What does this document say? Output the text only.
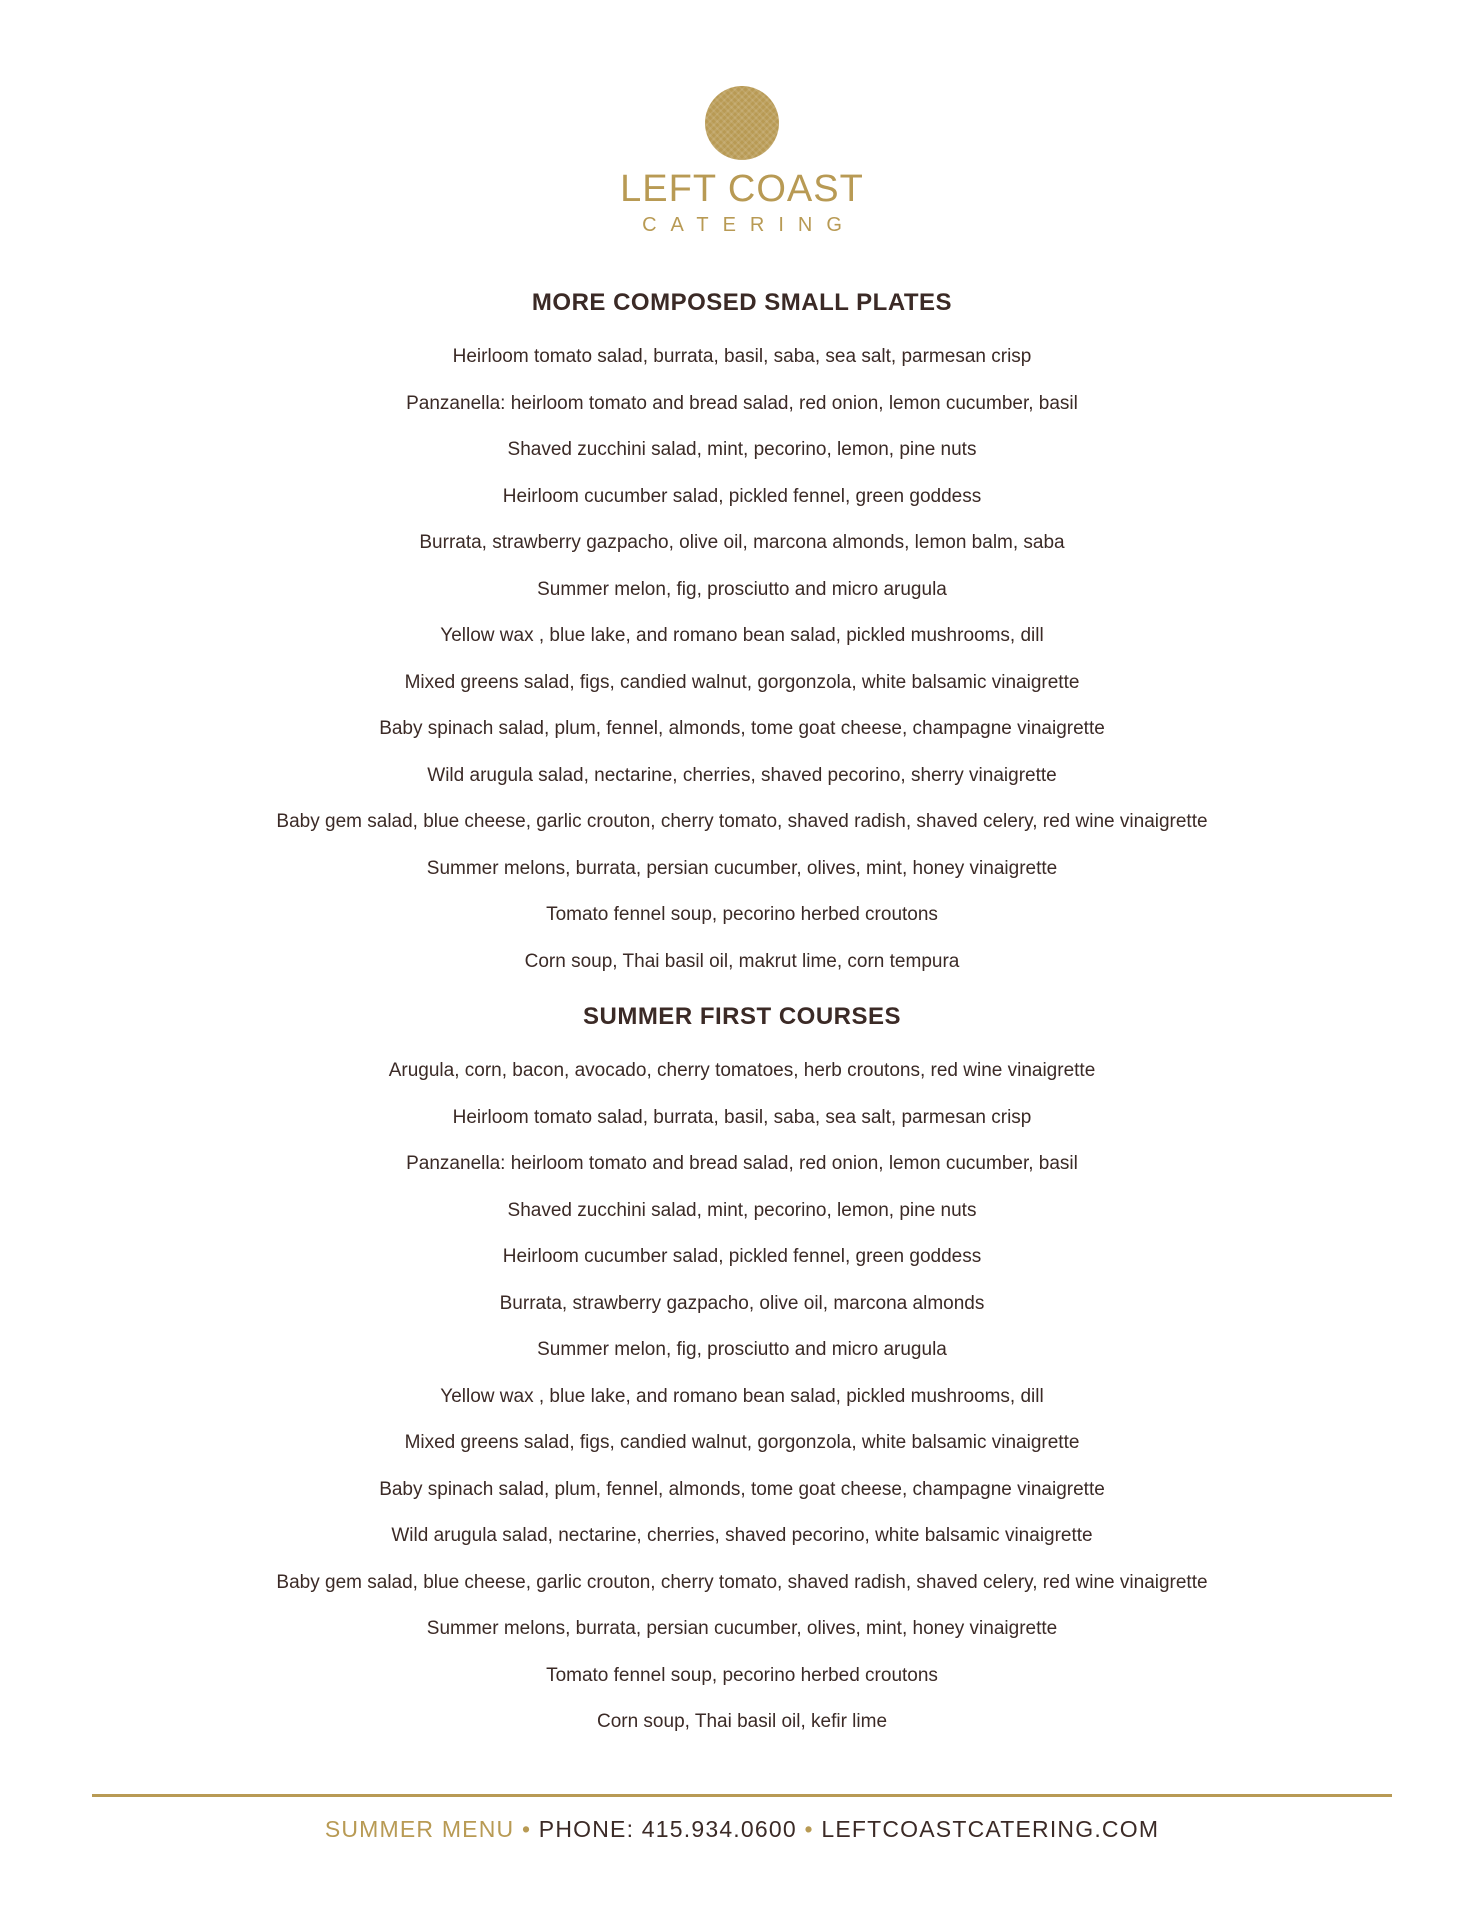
LEFT COAST
CATERING
MORE COMPOSED SMALL PLATES
Heirloom tomato salad, burrata, basil, saba, sea salt, parmesan crisp
Panzanella: heirloom tomato and bread salad, red onion, lemon cucumber, basil
Shaved zucchini salad, mint, pecorino, lemon, pine nuts
Heirloom cucumber salad, pickled fennel, green goddess
Burrata, strawberry gazpacho, olive oil, marcona almonds, lemon balm, saba
Summer melon, fig, prosciutto and micro arugula
Yellow wax , blue lake, and romano bean salad, pickled mushrooms, dill
Mixed greens salad, figs, candied walnut, gorgonzola, white balsamic vinaigrette
Baby spinach salad, plum, fennel, almonds, tome goat cheese, champagne vinaigrette
Wild arugula salad, nectarine, cherries, shaved pecorino, sherry vinaigrette
Baby gem salad, blue cheese, garlic crouton, cherry tomato, shaved radish, shaved celery, red wine vinaigrette
Summer melons, burrata, persian cucumber, olives, mint, honey vinaigrette
Tomato fennel soup, pecorino herbed croutons
Corn soup, Thai basil oil, makrut lime, corn tempura
SUMMER FIRST COURSES
Arugula, corn, bacon, avocado, cherry tomatoes, herb croutons, red wine vinaigrette
Heirloom tomato salad, burrata, basil, saba, sea salt, parmesan crisp
Panzanella: heirloom tomato and bread salad, red onion, lemon cucumber, basil
Shaved zucchini salad, mint, pecorino, lemon, pine nuts
Heirloom cucumber salad, pickled fennel, green goddess
Burrata, strawberry gazpacho, olive oil, marcona almonds
Summer melon, fig, prosciutto and micro arugula
Yellow wax , blue lake, and romano bean salad, pickled mushrooms, dill
Mixed greens salad, figs, candied walnut, gorgonzola, white balsamic vinaigrette
Baby spinach salad, plum, fennel, almonds, tome goat cheese, champagne vinaigrette
Wild arugula salad, nectarine, cherries, shaved pecorino, white balsamic vinaigrette
Baby gem salad, blue cheese, garlic crouton, cherry tomato, shaved radish, shaved celery, red wine vinaigrette
Summer melons, burrata, persian cucumber, olives, mint, honey vinaigrette
Tomato fennel soup, pecorino herbed croutons
Corn soup, Thai basil oil, kefir lime
SUMMER MENU • PHONE: 415.934.0600 • LEFTCOASTCATERING.COM
